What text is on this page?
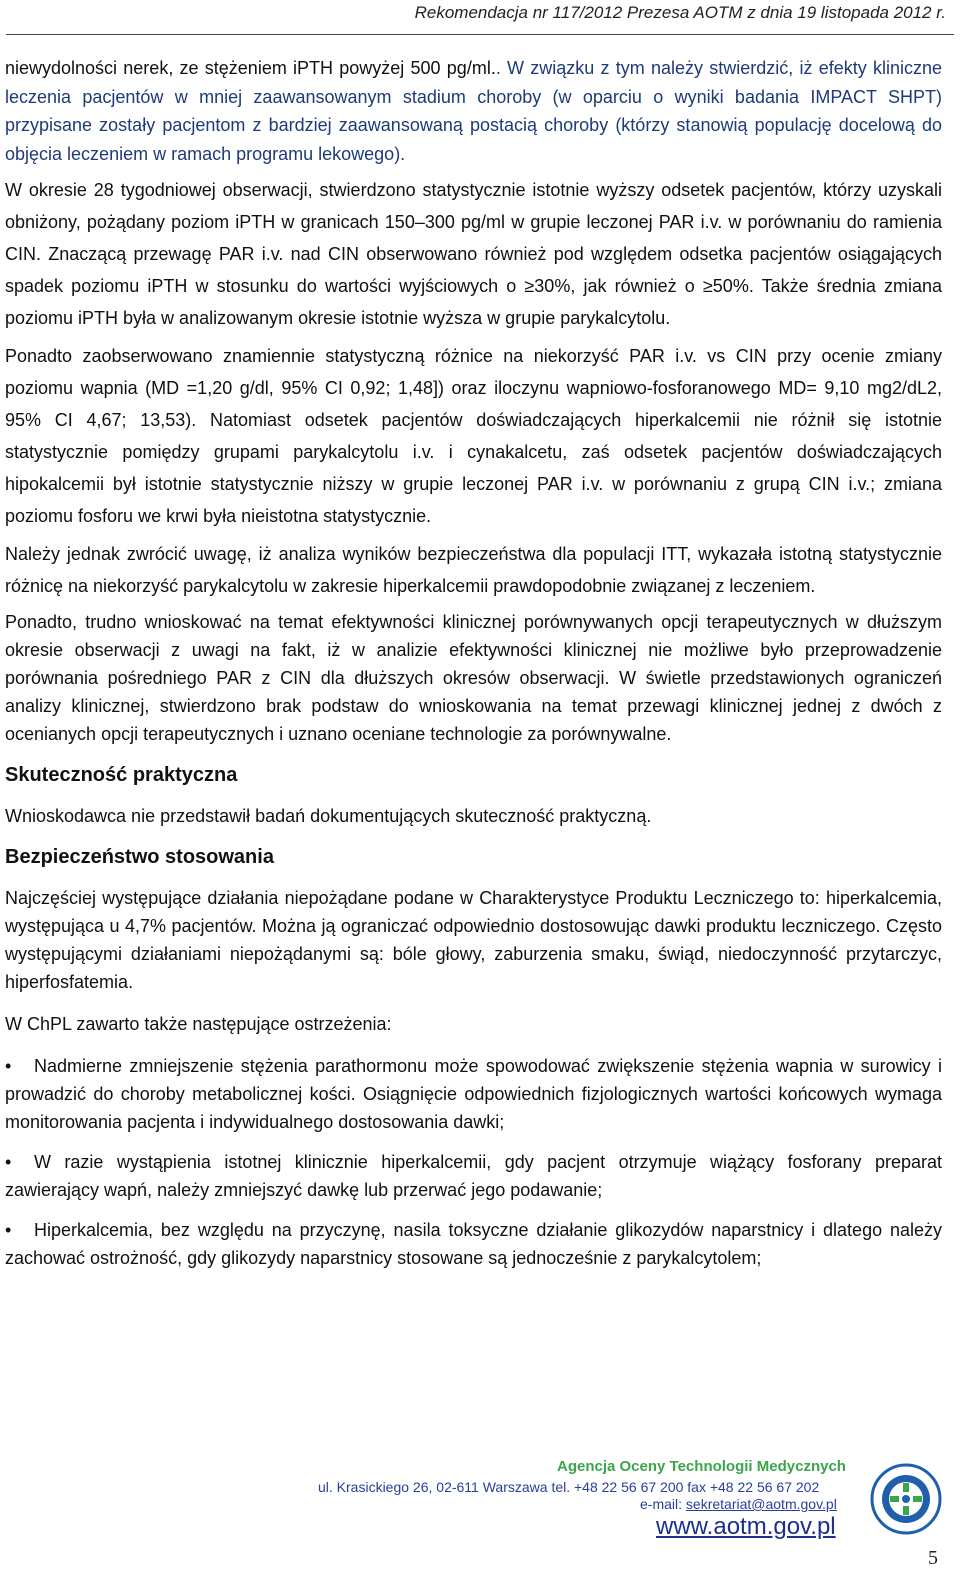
Rekomendacja nr 117/2012 Prezesa AOTM z dnia 19 listopada 2012 r.

niewydolności nerek, ze stężeniem iPTH powyżej 500 pg/ml.. W związku z tym należy stwierdzić, iż efekty kliniczne leczenia pacjentów w mniej zaawansowanym stadium choroby (w oparciu o wyniki badania IMPACT SHPT) przypisane zostały pacjentom z bardziej zaawansowaną postacią choroby (którzy stanowią populację docelową do objęcia leczeniem w ramach programu lekowego).

W okresie 28 tygodniowej obserwacji, stwierdzono statystycznie istotnie wyższy odsetek pacjentów, którzy uzyskali obniżony, pożądany poziom iPTH w granicach 150–300 pg/ml w grupie leczonej PAR i.v. w porównaniu do ramienia CIN. Znaczącą przewagę PAR i.v. nad CIN obserwowano również pod względem odsetka pacjentów osiągających spadek poziomu iPTH w stosunku do wartości wyjściowych o ≥30%, jak również o ≥50%. Także średnia zmiana poziomu iPTH była w analizowanym okresie istotnie wyższa w grupie parykalcytolu.

Ponadto zaobserwowano znamiennie statystyczną różnice na niekorzyść PAR i.v. vs CIN przy ocenie zmiany poziomu wapnia (MD =1,20 g/dl, 95% CI 0,92; 1,48]) oraz iloczynu wapniowo-fosforanowego MD= 9,10 mg2/dL2, 95% CI 4,67; 13,53). Natomiast odsetek pacjentów doświadczających hiperkalcemii nie różnił się istotnie statystycznie pomiędzy grupami parykalcytolu i.v. i cynakalcetu, zaś odsetek pacjentów doświadczających hipokalcemii był istotnie statystycznie niższy w grupie leczonej PAR i.v. w porównaniu z grupą CIN i.v.; zmiana poziomu fosforu we krwi była nieistotna statystycznie.

Należy jednak zwrócić uwagę, iż analiza wyników bezpieczeństwa dla populacji ITT, wykazała istotną statystycznie różnicę na niekorzyść parykalcytolu w zakresie hiperkalcemii prawdopodobnie związanej z leczeniem.

Ponadto, trudno wnioskować na temat efektywności klinicznej porównywanych opcji terapeutycznych w dłuższym okresie obserwacji z uwagi na fakt, iż w analizie efektywności klinicznej nie możliwe było przeprowadzenie porównania pośredniego PAR z CIN dla dłuższych okresów obserwacji. W świetle przedstawionych ograniczeń analizy klinicznej, stwierdzono brak podstaw do wnioskowania na temat przewagi klinicznej jednej z dwóch z ocenianych opcji terapeutycznych i uznano oceniane technologie za porównywalne.

Skuteczność praktyczna

Wnioskodawca nie przedstawił badań dokumentujących skuteczność praktyczną.

Bezpieczeństwo stosowania

Najczęściej występujące działania niepożądane podane w Charakterystyce Produktu Leczniczego to: hiperkalcemia, występująca u 4,7% pacjentów. Można ją ograniczać odpowiednio dostosowując dawki produktu leczniczego. Często występującymi działaniami niepożądanymi są: bóle głowy, zaburzenia smaku, świąd, niedoczynność przytarczyc, hiperfosfatemia.

W ChPL zawarto także następujące ostrzeżenia:

• Nadmierne zmniejszenie stężenia parathormonu może spowodować zwiększenie stężenia wapnia w surowicy i prowadzić do choroby metabolicznej kości. Osiągnięcie odpowiednich fizjologicznych wartości końcowych wymaga monitorowania pacjenta i indywidualnego dostosowania dawki;

• W razie wystąpienia istotnej klinicznie hiperkalcemii, gdy pacjent otrzymuje wiążący fosforany preparat zawierający wapń, należy zmniejszyć dawkę lub przerwać jego podawanie;

• Hiperkalcemia, bez względu na przyczynę, nasila toksyczne działanie glikozydów naparstnicy i dlatego należy zachować ostrożność, gdy glikozydy naparstnicy stosowane są jednocześnie z parykalcytolem;

Agencja Oceny Technologii Medycznych
ul. Krasickiego 26, 02-611 Warszawa tel. +48 22 56 67 200 fax +48 22 56 67 202
e-mail: sekretariat@aotm.gov.pl
www.aotm.gov.pl
5
